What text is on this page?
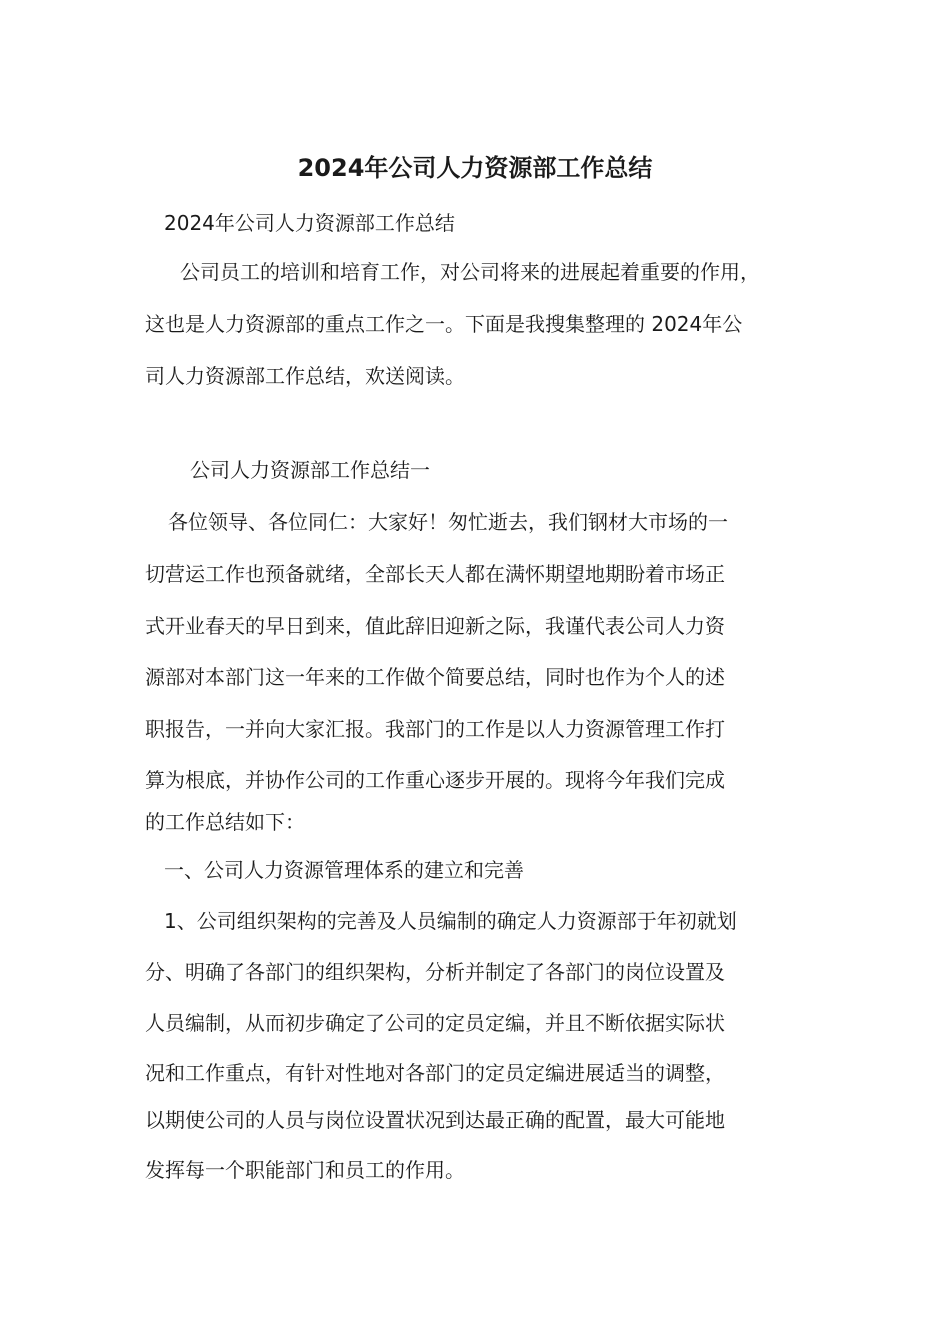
2024年公司人力资源部工作总结

2024年公司人力资源部工作总结

公司员工的培训和培育工作，对公司将来的进展起着重要的作用，

这也是人力资源部的重点工作之一。下面是我搜集整理的 2024年公

司人力资源部工作总结，欢送阅读。

公司人力资源部工作总结一

各位领导、各位同仁：大家好！匆忙逝去，我们钢材大市场的一

切营运工作也预备就绪，全部长天人都在满怀期望地期盼着市场正

式开业春天的早日到来，值此辞旧迎新之际，我谨代表公司人力资

源部对本部门这一年来的工作做个简要总结，同时也作为个人的述

职报告，一并向大家汇报。我部门的工作是以人力资源管理工作打

算为根底，并协作公司的工作重心逐步开展的。现将今年我们完成

的工作总结如下：

一、公司人力资源管理体系的建立和完善

1、公司组织架构的完善及人员编制的确定人力资源部于年初就划

分、明确了各部门的组织架构，分析并制定了各部门的岗位设置及

人员编制，从而初步确定了公司的定员定编，并且不断依据实际状

况和工作重点，有针对性地对各部门的定员定编进展适当的调整，

以期使公司的人员与岗位设置状况到达最正确的配置，最大可能地

发挥每一个职能部门和员工的作用。
